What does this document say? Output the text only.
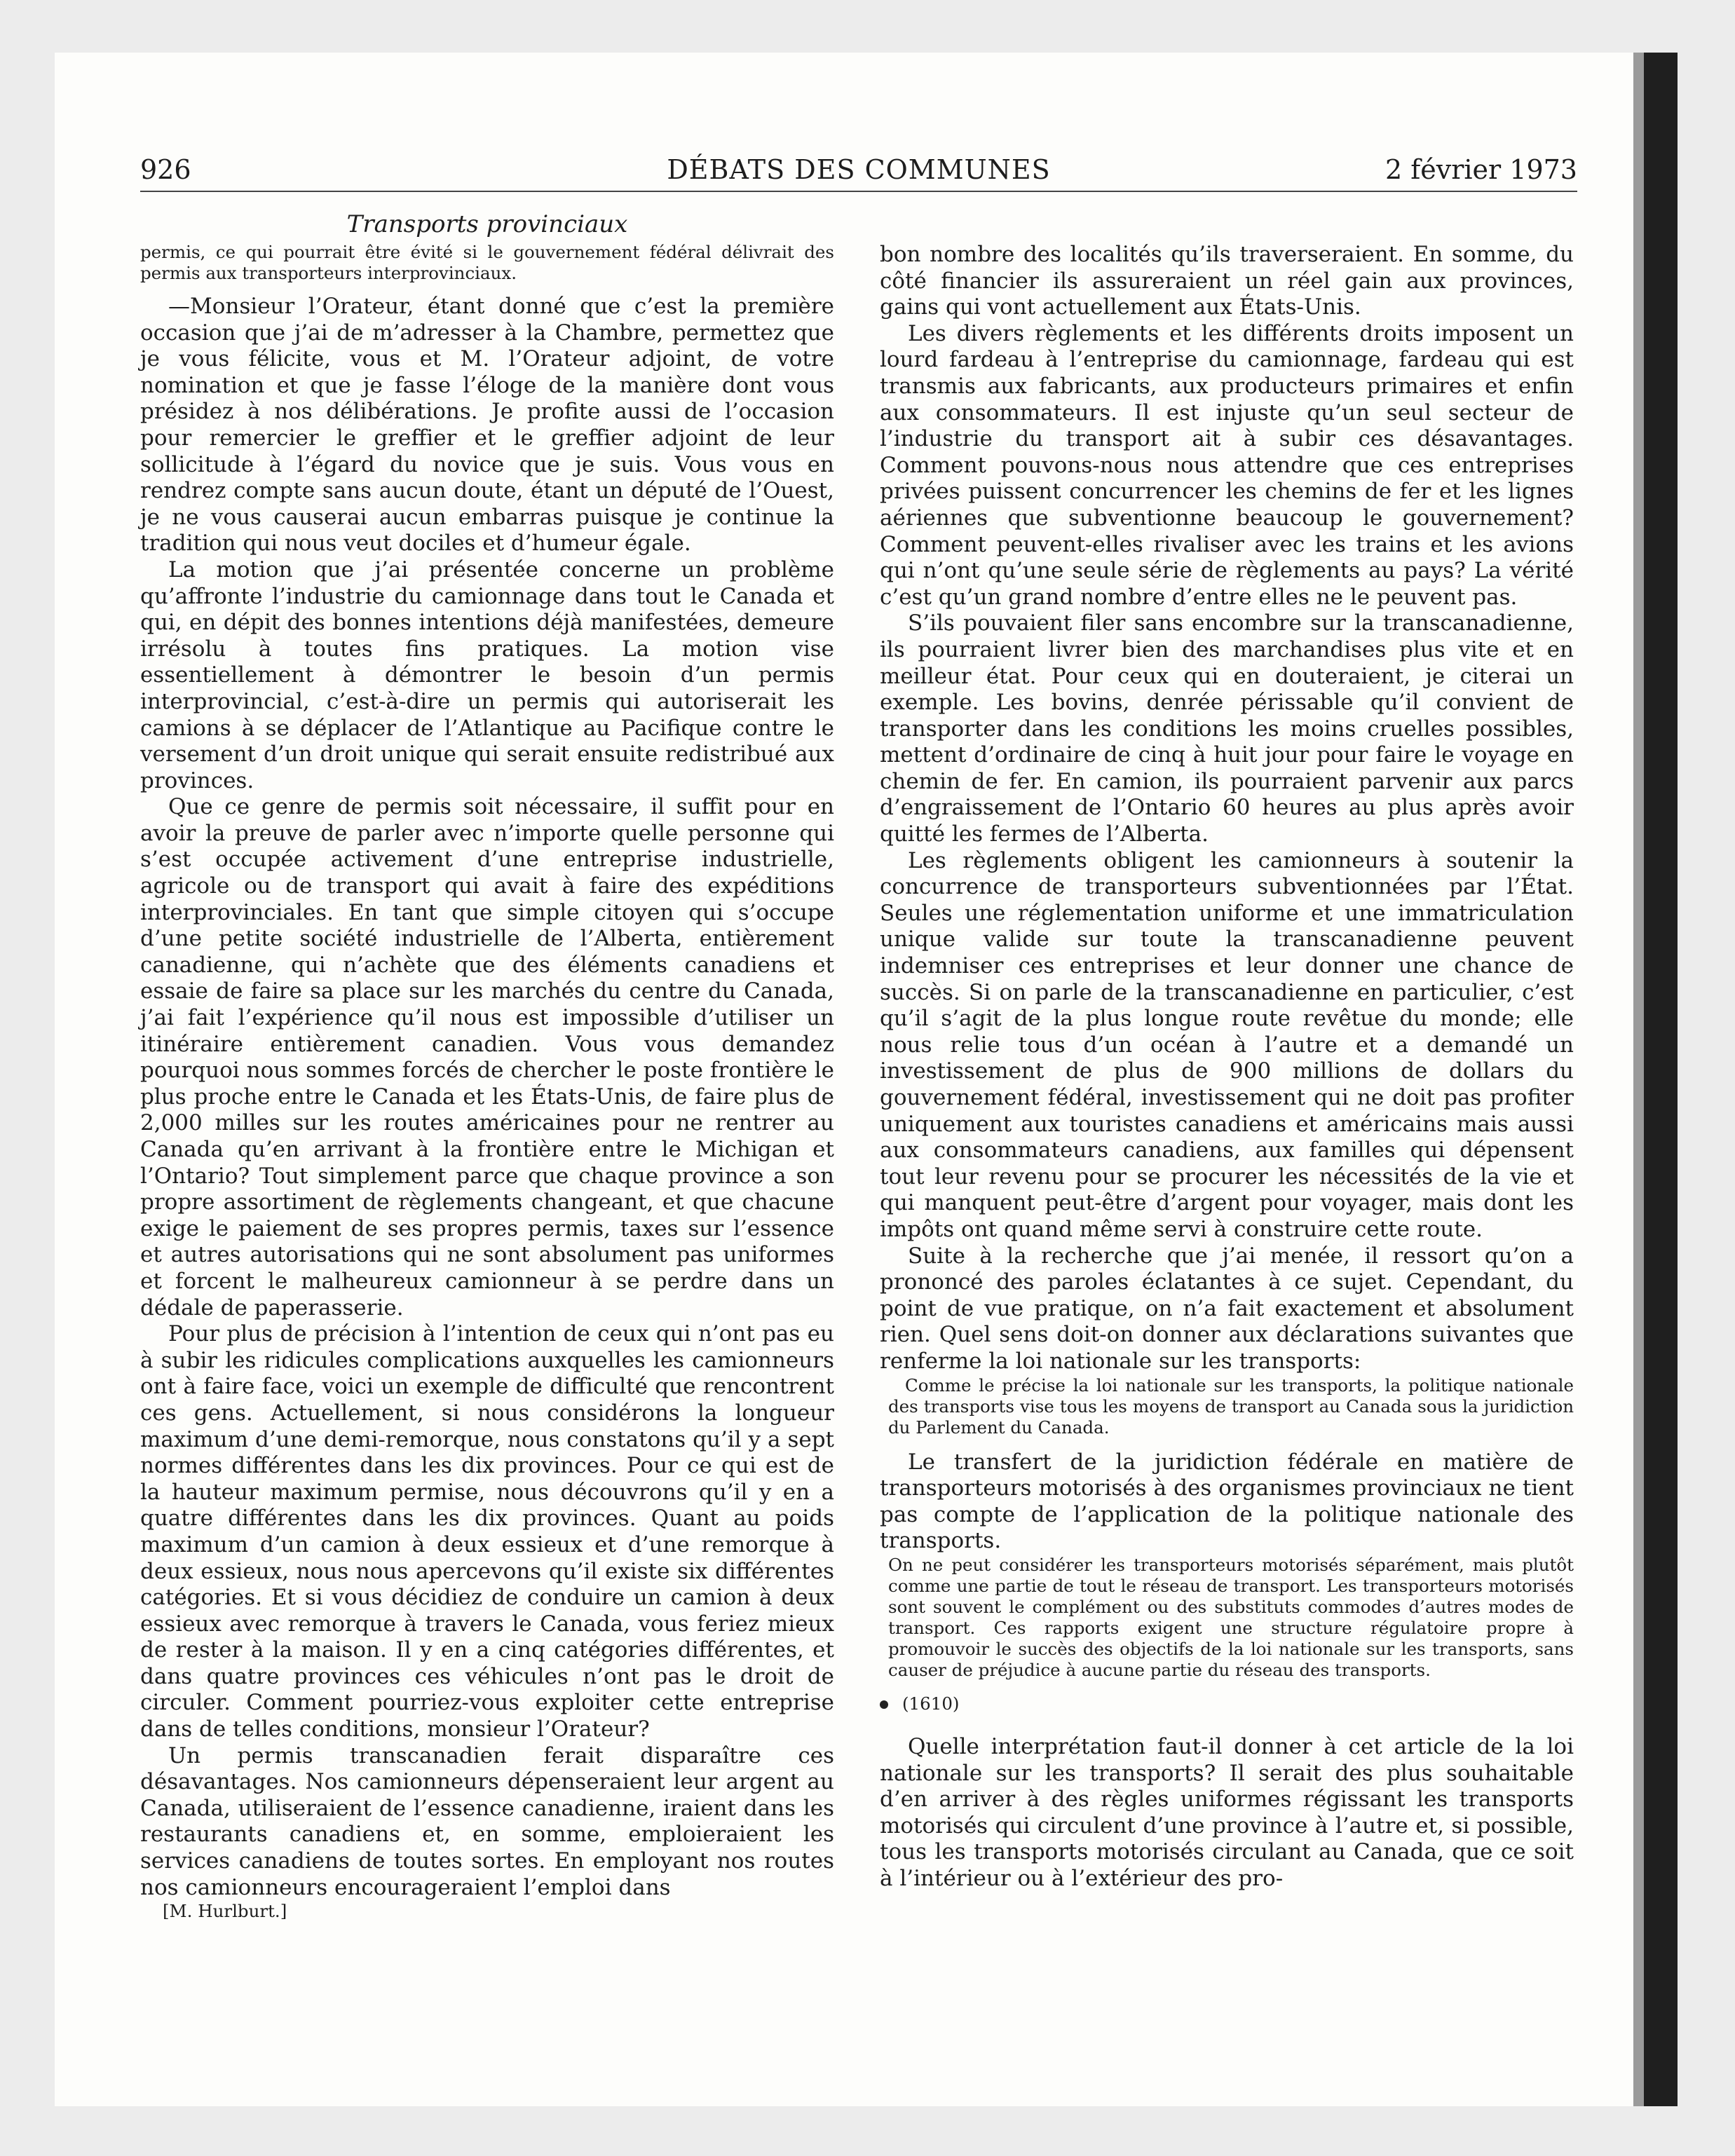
926	DÉBATS DES COMMUNES	2 février 1973
Transports provinciaux

permis, ce qui pourrait être évité si le gouvernement fédéral délivrait des permis aux transporteurs interprovinciaux.

—Monsieur l’Orateur, étant donné que c’est la première occasion que j’ai de m’adresser à la Chambre, permettez que je vous félicite, vous et M. l’Orateur adjoint, de votre nomination et que je fasse l’éloge de la manière dont vous présidez à nos délibérations. Je profite aussi de l’occasion pour remercier le greffier et le greffier adjoint de leur sollicitude à l’égard du novice que je suis. Vous vous en rendrez compte sans aucun doute, étant un député de l’Ouest, je ne vous causerai aucun embarras puisque je continue la tradition qui nous veut dociles et d’humeur égale.

La motion que j’ai présentée concerne un problème qu’affronte l’industrie du camionnage dans tout le Canada et qui, en dépit des bonnes intentions déjà manifestées, demeure irrésolu à toutes fins pratiques. La motion vise essentiellement à démontrer le besoin d’un permis interprovincial, c’est-à-dire un permis qui autoriserait les camions à se déplacer de l’Atlantique au Pacifique contre le versement d’un droit unique qui serait ensuite redistribué aux provinces.

Que ce genre de permis soit nécessaire, il suffit pour en avoir la preuve de parler avec n’importe quelle personne qui s’est occupée activement d’une entreprise industrielle, agricole ou de transport qui avait à faire des expéditions interprovinciales. En tant que simple citoyen qui s’occupe d’une petite société industrielle de l’Alberta, entièrement canadienne, qui n’achète que des éléments canadiens et essaie de faire sa place sur les marchés du centre du Canada, j’ai fait l’expérience qu’il nous est impossible d’utiliser un itinéraire entièrement canadien. Vous vous demandez pourquoi nous sommes forcés de chercher le poste frontière le plus proche entre le Canada et les États-Unis, de faire plus de 2,000 milles sur les routes américaines pour ne rentrer au Canada qu’en arrivant à la frontière entre le Michigan et l’Ontario? Tout simplement parce que chaque province a son propre assortiment de règlements changeant, et que chacune exige le paiement de ses propres permis, taxes sur l’essence et autres autorisations qui ne sont absolument pas uniformes et forcent le malheureux camionneur à se perdre dans un dédale de paperasserie.

Pour plus de précision à l’intention de ceux qui n’ont pas eu à subir les ridicules complications auxquelles les camionneurs ont à faire face, voici un exemple de difficulté que rencontrent ces gens. Actuellement, si nous considérons la longueur maximum d’une demi-remorque, nous constatons qu’il y a sept normes différentes dans les dix provinces. Pour ce qui est de la hauteur maximum permise, nous découvrons qu’il y en a quatre différentes dans les dix provinces. Quant au poids maximum d’un camion à deux essieux et d’une remorque à deux essieux, nous nous apercevons qu’il existe six différentes catégories. Et si vous décidiez de conduire un camion à deux essieux avec remorque à travers le Canada, vous feriez mieux de rester à la maison. Il y en a cinq catégories différentes, et dans quatre provinces ces véhicules n’ont pas le droit de circuler. Comment pourriez-vous exploiter cette entreprise dans de telles conditions, monsieur l’Orateur?

Un permis transcanadien ferait disparaître ces désavantages. Nos camionneurs dépenseraient leur argent au Canada, utiliseraient de l’essence canadienne, iraient dans les restaurants canadiens et, en somme, emploieraient les services canadiens de toutes sortes. En employant nos routes nos camionneurs encourageraient l’emploi dans

[M. Hurlburt.]

bon nombre des localités qu’ils traverseraient. En somme, du côté financier ils assureraient un réel gain aux provinces, gains qui vont actuellement aux États-Unis.

Les divers règlements et les différents droits imposent un lourd fardeau à l’entreprise du camionnage, fardeau qui est transmis aux fabricants, aux producteurs primaires et enfin aux consommateurs. Il est injuste qu’un seul secteur de l’industrie du transport ait à subir ces désavantages. Comment pouvons-nous nous attendre que ces entreprises privées puissent concurrencer les chemins de fer et les lignes aériennes que subventionne beaucoup le gouvernement? Comment peuvent-elles rivaliser avec les trains et les avions qui n’ont qu’une seule série de règlements au pays? La vérité c’est qu’un grand nombre d’entre elles ne le peuvent pas.

S’ils pouvaient filer sans encombre sur la transcanadienne, ils pourraient livrer bien des marchandises plus vite et en meilleur état. Pour ceux qui en douteraient, je citerai un exemple. Les bovins, denrée périssable qu’il convient de transporter dans les conditions les moins cruelles possibles, mettent d’ordinaire de cinq à huit jour pour faire le voyage en chemin de fer. En camion, ils pourraient parvenir aux parcs d’engraissement de l’Ontario 60 heures au plus après avoir quitté les fermes de l’Alberta.

Les règlements obligent les camionneurs à soutenir la concurrence de transporteurs subventionnées par l’État. Seules une réglementation uniforme et une immatriculation unique valide sur toute la transcanadienne peuvent indemniser ces entreprises et leur donner une chance de succès. Si on parle de la transcanadienne en particulier, c’est qu’il s’agit de la plus longue route revêtue du monde; elle nous relie tous d’un océan à l’autre et a demandé un investissement de plus de 900 millions de dollars du gouvernement fédéral, investissement qui ne doit pas profiter uniquement aux touristes canadiens et américains mais aussi aux consommateurs canadiens, aux familles qui dépensent tout leur revenu pour se procurer les nécessités de la vie et qui manquent peut-être d’argent pour voyager, mais dont les impôts ont quand même servi à construire cette route.

Suite à la recherche que j’ai menée, il ressort qu’on a prononcé des paroles éclatantes à ce sujet. Cependant, du point de vue pratique, on n’a fait exactement et absolument rien. Quel sens doit-on donner aux déclarations suivantes que renferme la loi nationale sur les transports:

Comme le précise la loi nationale sur les transports, la politique nationale des transports vise tous les moyens de transport au Canada sous la juridiction du Parlement du Canada.

Le transfert de la juridiction fédérale en matière de transporteurs motorisés à des organismes provinciaux ne tient pas compte de l’application de la politique nationale des transports.

On ne peut considérer les transporteurs motorisés séparément, mais plutôt comme une partie de tout le réseau de transport. Les transporteurs motorisés sont souvent le complément ou des substituts commodes d’autres modes de transport. Ces rapports exigent une structure régulatoire propre à promouvoir le succès des objectifs de la loi nationale sur les transports, sans causer de préjudice à aucune partie du réseau des transports.
(1610)

Quelle interprétation faut-il donner à cet article de la loi nationale sur les transports? Il serait des plus souhaitable d’en arriver à des règles uniformes régissant les transports motorisés qui circulent d’une province à l’autre et, si possible, tous les transports motorisés circulant au Canada, que ce soit à l’intérieur ou à l’extérieur des pro-
